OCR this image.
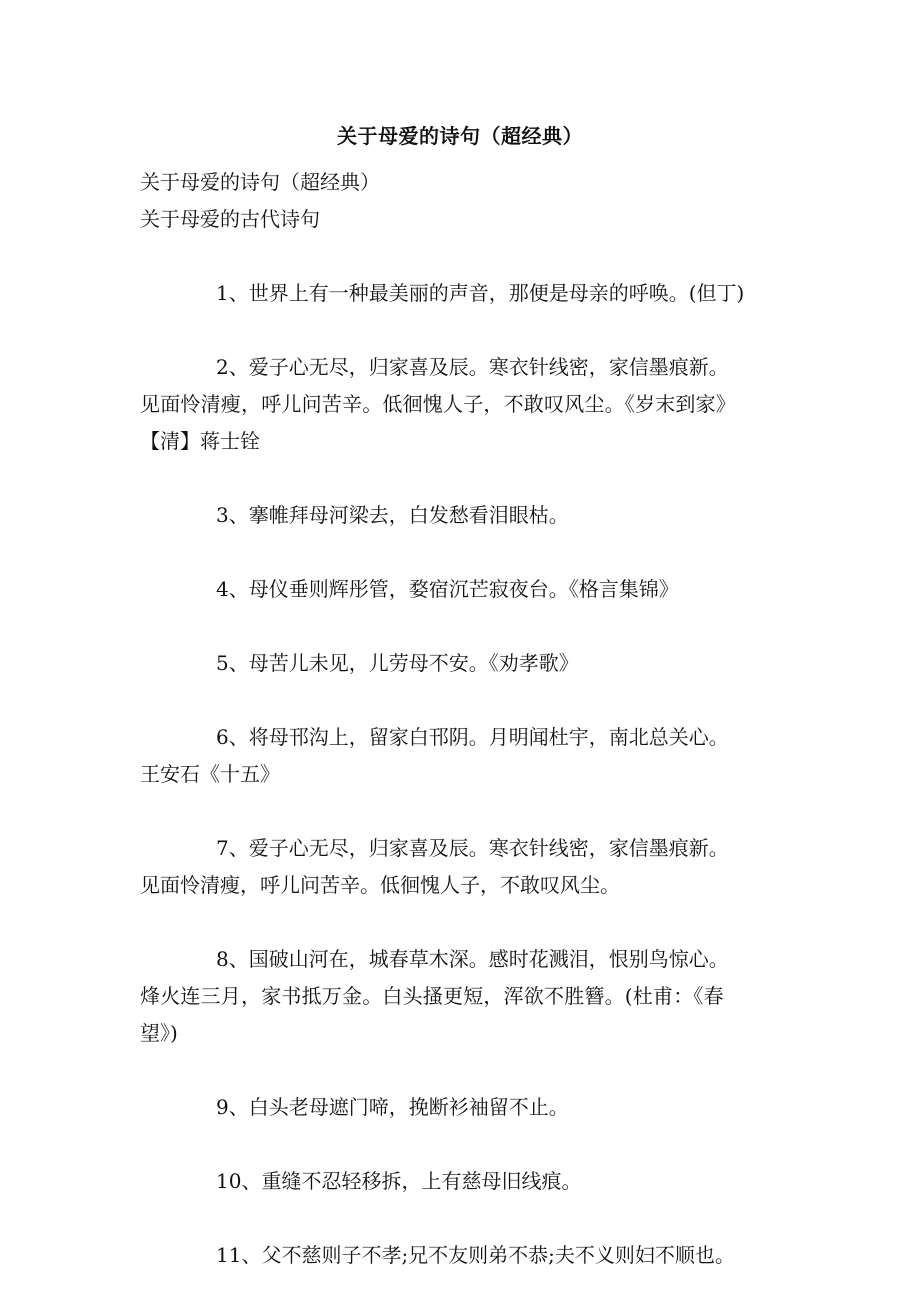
关于母爱的诗句（超经典）

关于母爱的诗句（超经典）

关于母爱的古代诗句

1、世界上有一种最美丽的声音，那便是母亲的呼唤。(但丁)

2、爱子心无尽，归家喜及辰。寒衣针线密，家信墨痕新。

见面怜清瘦，呼儿问苦辛。低徊愧人子，不敢叹风尘。《岁末到家》

【清】蒋士铨

3、搴帷拜母河梁去，白发愁看泪眼枯。

4、母仪垂则辉彤管，婺宿沉芒寂夜台。《格言集锦》

5、母苦儿未见，儿劳母不安。《劝孝歌》

6、将母邗沟上，留家白邗阴。月明闻杜宇，南北总关心。

王安石《十五》

7、爱子心无尽，归家喜及辰。寒衣针线密，家信墨痕新。

见面怜清瘦，呼儿问苦辛。低徊愧人子，不敢叹风尘。

8、国破山河在，城春草木深。感时花溅泪，恨别鸟惊心。

烽火连三月，家书抵万金。白头搔更短，浑欲不胜簪。(杜甫：《春

望》)

9、白头老母遮门啼，挽断衫袖留不止。

10、重缝不忍轻移拆，上有慈母旧线痕。

11、父不慈则子不孝;兄不友则弟不恭;夫不义则妇不顺也。
